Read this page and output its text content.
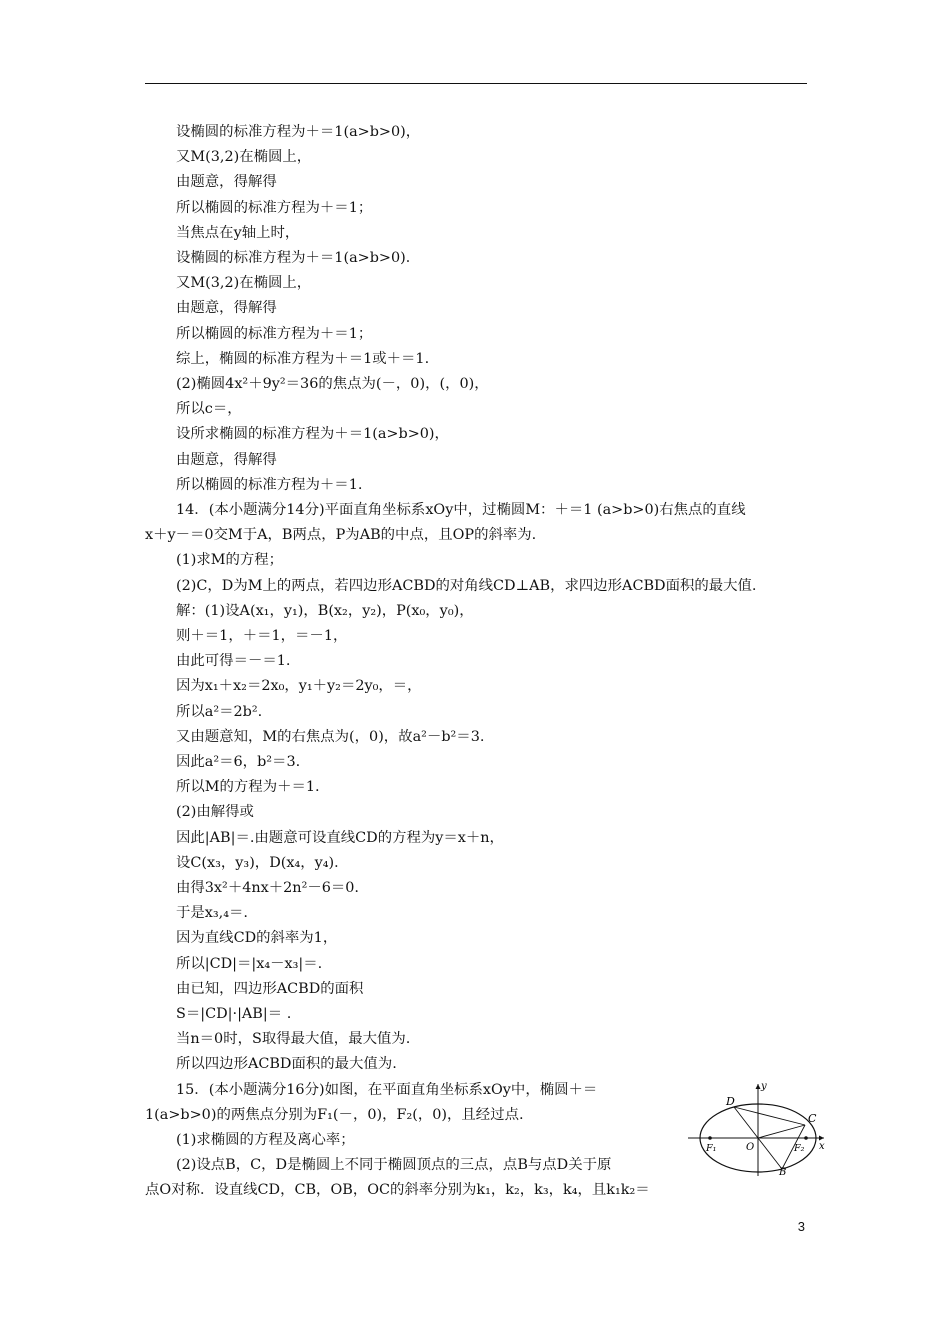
设椭圆的标准方程为＋＝1(a>b>0)，
又M(3,2)在椭圆上，
由题意，得解得
所以椭圆的标准方程为＋＝1；
当焦点在y轴上时，
设椭圆的标准方程为＋＝1(a>b>0)．
又M(3,2)在椭圆上，
由题意，得解得
所以椭圆的标准方程为＋＝1；
综上，椭圆的标准方程为＋＝1或＋＝1.
(2)椭圆4x²＋9y²＝36的焦点为(－，0)，(，0)，
所以c＝，
设所求椭圆的标准方程为＋＝1(a>b>0)，
由题意，得解得
所以椭圆的标准方程为＋＝1.
14．(本小题满分14分)平面直角坐标系xOy中，过椭圆M：＋＝1 (a>b>0)右焦点的直线
x＋y－＝0交M于A，B两点，P为AB的中点，且OP的斜率为.
(1)求M的方程；
(2)C，D为M上的两点，若四边形ACBD的对角线CD⊥AB，求四边形ACBD面积的最大值.
解：(1)设A(x₁，y₁)，B(x₂，y₂)，P(x₀，y₀)，
则＋＝1，＋＝1，＝－1，
由此可得＝－＝1.
因为x₁＋x₂＝2x₀，y₁＋y₂＝2y₀，＝，
所以a²＝2b².
又由题意知，M的右焦点为(，0)，故a²－b²＝3.
因此a²＝6，b²＝3.
所以M的方程为＋＝1.
(2)由解得或
因此|AB|＝.由题意可设直线CD的方程为y＝x＋n，
设C(x₃，y₃)，D(x₄，y₄)．
由得3x²＋4nx＋2n²－6＝0.
于是x₃,₄＝.
因为直线CD的斜率为1，
所以|CD|＝|x₄－x₃|＝.
由已知，四边形ACBD的面积
S＝|CD|·|AB|＝ .
当n＝0时，S取得最大值，最大值为.
所以四边形ACBD面积的最大值为.
15．(本小题满分16分)如图，在平面直角坐标系xOy中，椭圆＋＝
1(a>b>0)的两焦点分别为F₁(－，0)，F₂(，0)，且经过点.
(1)求椭圆的方程及离心率；
(2)设点B，C，D是椭圆上不同于椭圆顶点的三点，点B与点D关于原
点O对称．设直线CD，CB，OB，OC的斜率分别为k₁，k₂，k₃，k₄，且k₁k₂＝
D
C
y
O
F₁	F₂
B
x
3
